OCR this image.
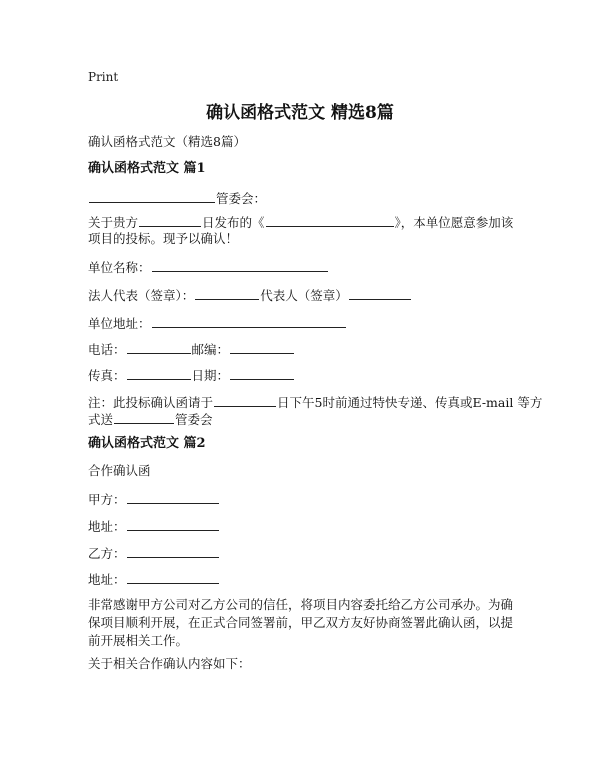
Print
确认函格式范文 精选8篇
确认函格式范文（精选8篇）
确认函格式范文 篇1
管委会：
关于贵方	日发布的《	》，本单位愿意参加该
项目的投标。现予以确认！
单位名称：
法人代表（签章）：	代表人（签章）
单位地址：
电话：	邮编：
传真：	日期：
注：此投标确认函请于	日下午5时前通过特快专递、传真或E-mail 等方
式送	管委会
确认函格式范文 篇2
合作确认函
甲方：
地址：
乙方：
地址：
非常感谢甲方公司对乙方公司的信任，将项目内容委托给乙方公司承办。为确保项目顺利开展，在正式合同签署前，甲乙双方友好协商签署此确认函，以提前开展相关工作。
关于相关合作确认内容如下：
